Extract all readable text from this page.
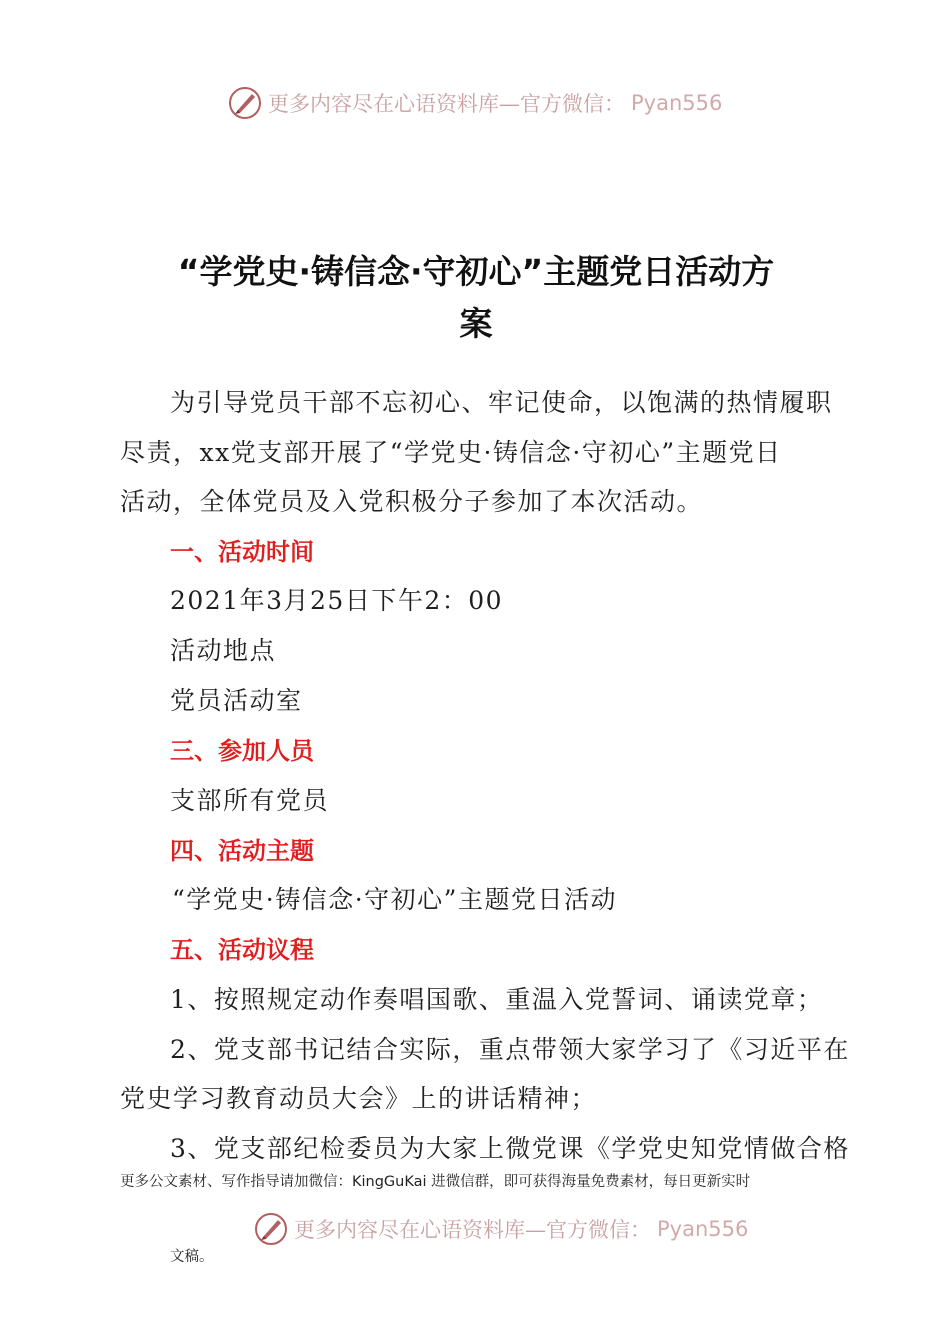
更多内容尽在心语资料库—官方微信： Pyan556
“学党史·铸信念·守初心”主题党日活动方
案
为引导党员干部不忘初心、牢记使命，以饱满的热情履职
尽责，xx党支部开展了“学党史·铸信念·守初心”主题党日
活动，全体党员及入党积极分子参加了本次活动。
一、活动时间
2021年3月25日下午2：00
活动地点
党员活动室
三、参加人员
支部所有党员
四、活动主题
“学党史·铸信念·守初心”主题党日活动
五、活动议程
1、按照规定动作奏唱国歌、重温入党誓词、诵读党章；
2、党支部书记结合实际，重点带领大家学习了《习近平在
党史学习教育动员大会》上的讲话精神；
3、党支部纪检委员为大家上微党课《学党史知党情做合格
更多公文素材、写作指导请加微信：KingGuKai 进微信群，即可获得海量免费素材，每日更新实时
更多内容尽在心语资料库—官方微信： Pyan556
文稿。
